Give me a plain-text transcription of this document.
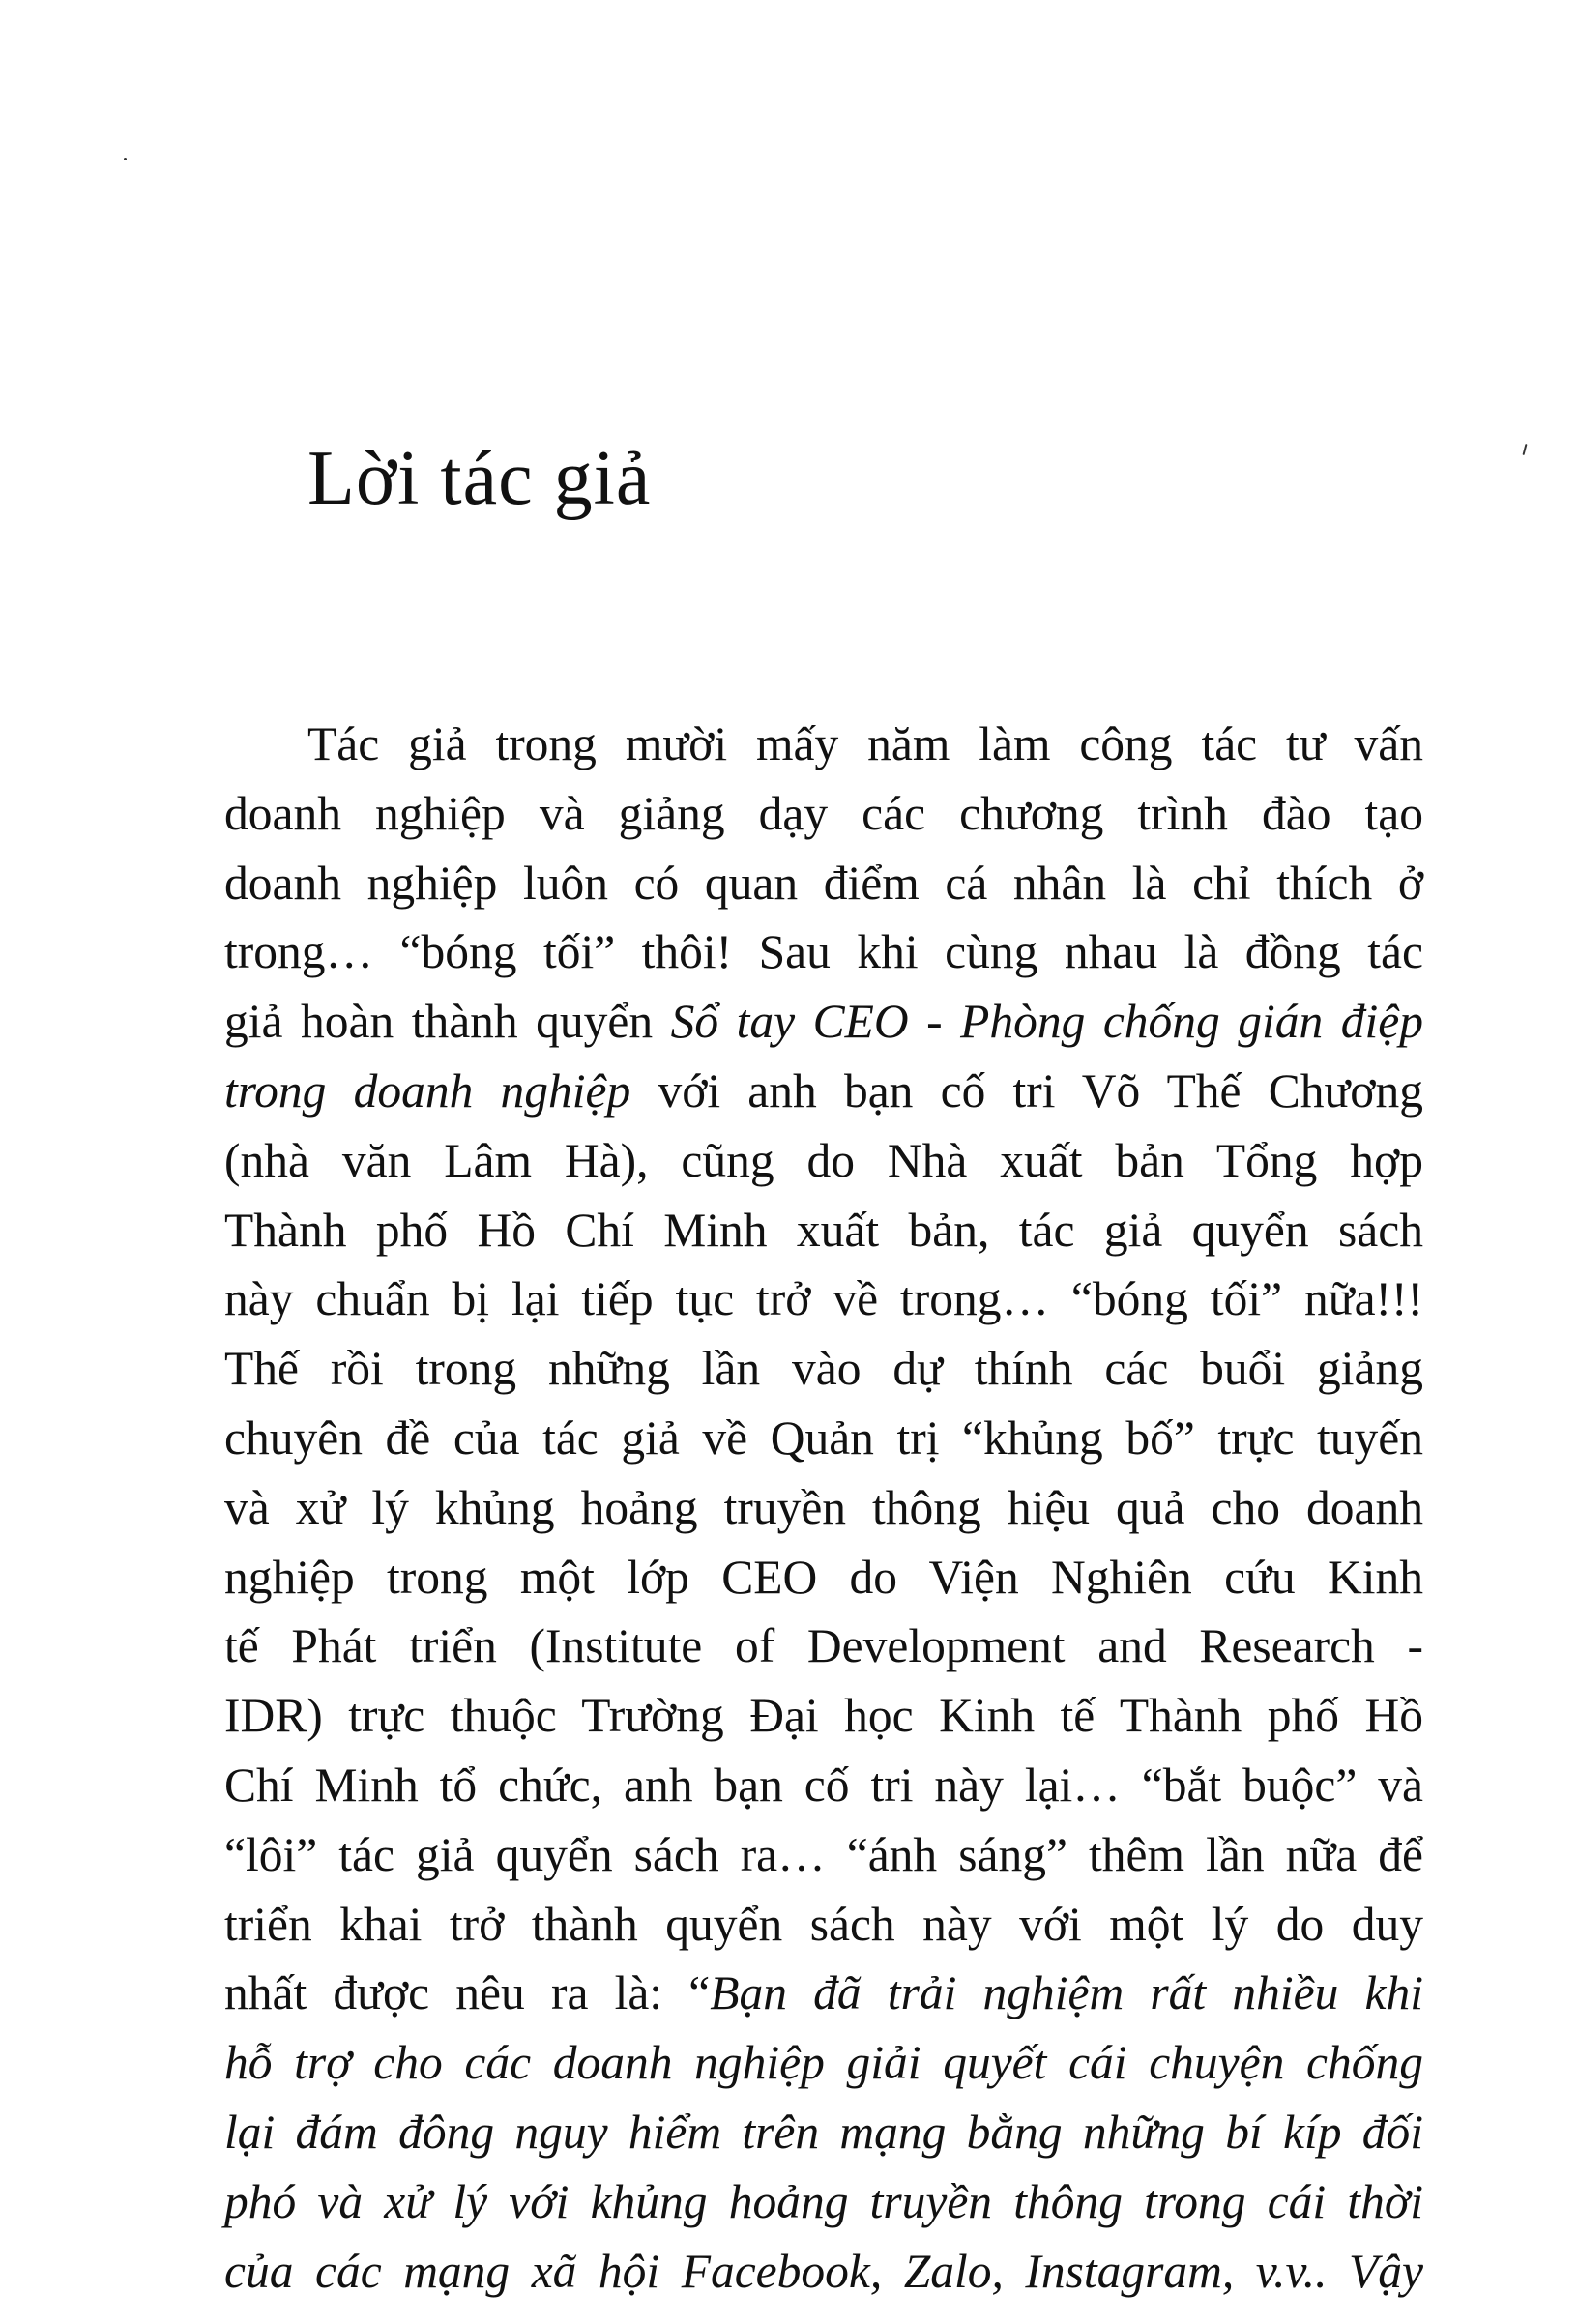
Lời tác giả
Tác giả trong mười mấy năm làm công tác tư vấn
doanh nghiệp và giảng dạy các chương trình đào tạo
doanh nghiệp luôn có quan điểm cá nhân là chỉ thích ở
trong… “bóng tối” thôi! Sau khi cùng nhau là đồng tác
giả hoàn thành quyển Sổ tay CEO - Phòng chống gián điệp
trong doanh nghiệp với anh bạn cố tri Võ Thế Chương
(nhà văn Lâm Hà), cũng do Nhà xuất bản Tổng hợp
Thành phố Hồ Chí Minh xuất bản, tác giả quyển sách
này chuẩn bị lại tiếp tục trở về trong… “bóng tối” nữa!!!
Thế rồi trong những lần vào dự thính các buổi giảng
chuyên đề của tác giả về Quản trị “khủng bố” trực tuyến
và xử lý khủng hoảng truyền thông hiệu quả cho doanh
nghiệp trong một lớp CEO do Viện Nghiên cứu Kinh
tế Phát triển (Institute of Development and Research -
IDR) trực thuộc Trường Đại học Kinh tế Thành phố Hồ
Chí Minh tổ chức, anh bạn cố tri này lại… “bắt buộc” và
“lôi” tác giả quyển sách ra… “ánh sáng” thêm lần nữa để
triển khai trở thành quyển sách này với một lý do duy
nhất được nêu ra là: “Bạn đã trải nghiệm rất nhiều khi
hỗ trợ cho các doanh nghiệp giải quyết cái chuyện chống
lại đám đông nguy hiểm trên mạng bằng những bí kíp đối
phó và xử lý với khủng hoảng truyền thông trong cái thời
của các mạng xã hội Facebook, Zalo, Instagram, v.v.. Vậy
